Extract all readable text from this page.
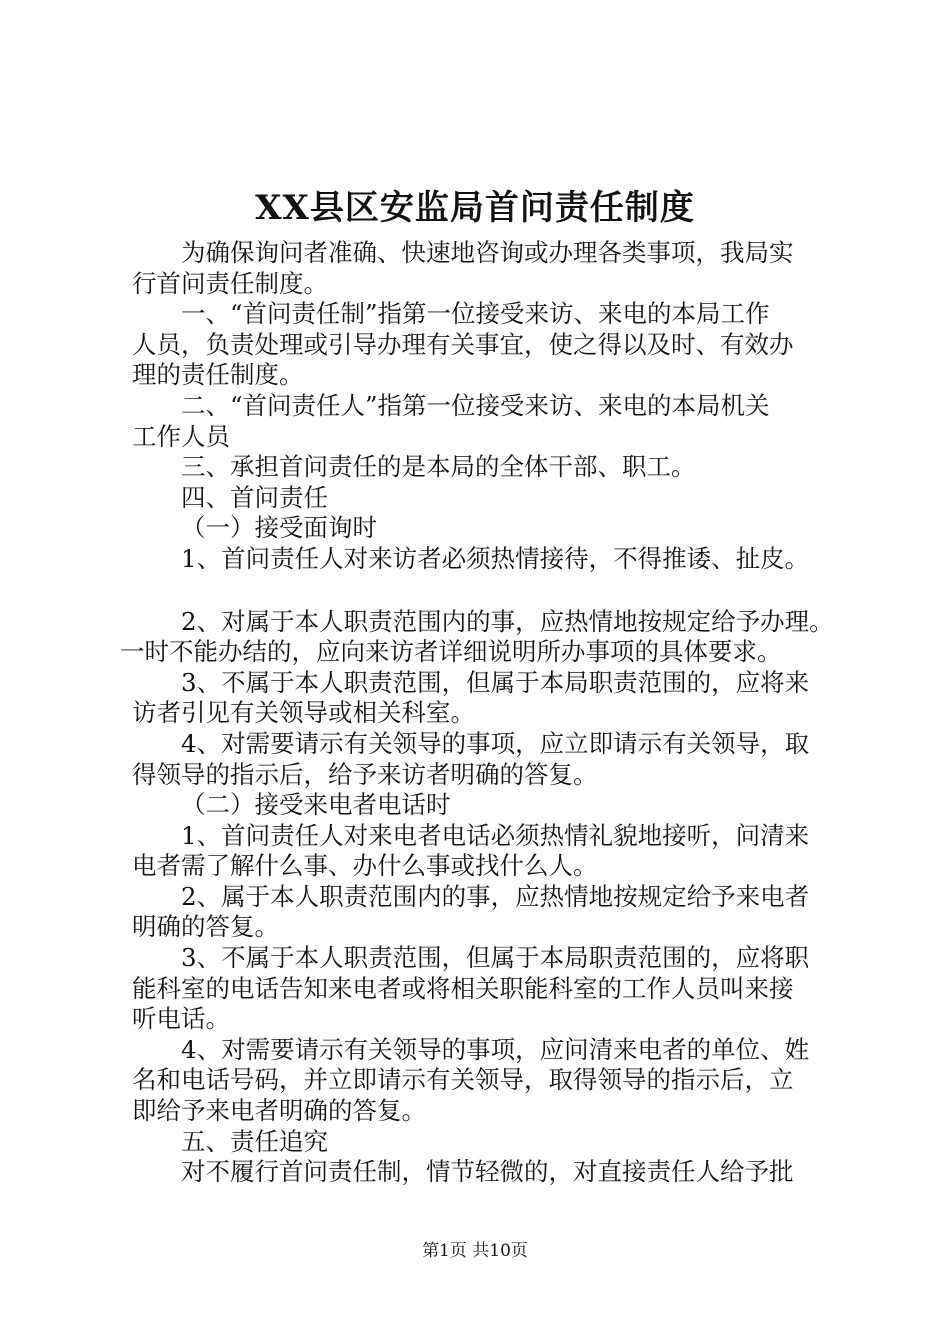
XX县区安监局首问责任制度
为确保询问者准确、快速地咨询或办理各类事项，我局实
行首问责任制度。
一、“首问责任制”指第一位接受来访、来电的本局工作
人员，负责处理或引导办理有关事宜，使之得以及时、有效办
理的责任制度。
二、“首问责任人”指第一位接受来访、来电的本局机关
工作人员
三、承担首问责任的是本局的全体干部、职工。
四、首问责任
（一）接受面询时
1、首问责任人对来访者必须热情接待，不得推诿、扯皮。
2、对属于本人职责范围内的事，应热情地按规定给予办理。
一时不能办结的，应向来访者详细说明所办事项的具体要求。
3、不属于本人职责范围，但属于本局职责范围的，应将来
访者引见有关领导或相关科室。
4、对需要请示有关领导的事项，应立即请示有关领导，取
得领导的指示后，给予来访者明确的答复。
（二）接受来电者电话时
1、首问责任人对来电者电话必须热情礼貌地接听，问清来
电者需了解什么事、办什么事或找什么人。
2、属于本人职责范围内的事，应热情地按规定给予来电者
明确的答复。
3、不属于本人职责范围，但属于本局职责范围的，应将职
能科室的电话告知来电者或将相关职能科室的工作人员叫来接
听电话。
4、对需要请示有关领导的事项，应问清来电者的单位、姓
名和电话号码，并立即请示有关领导，取得领导的指示后，立
即给予来电者明确的答复。
五、责任追究
对不履行首问责任制，情节轻微的，对直接责任人给予批
第1页 共10页
